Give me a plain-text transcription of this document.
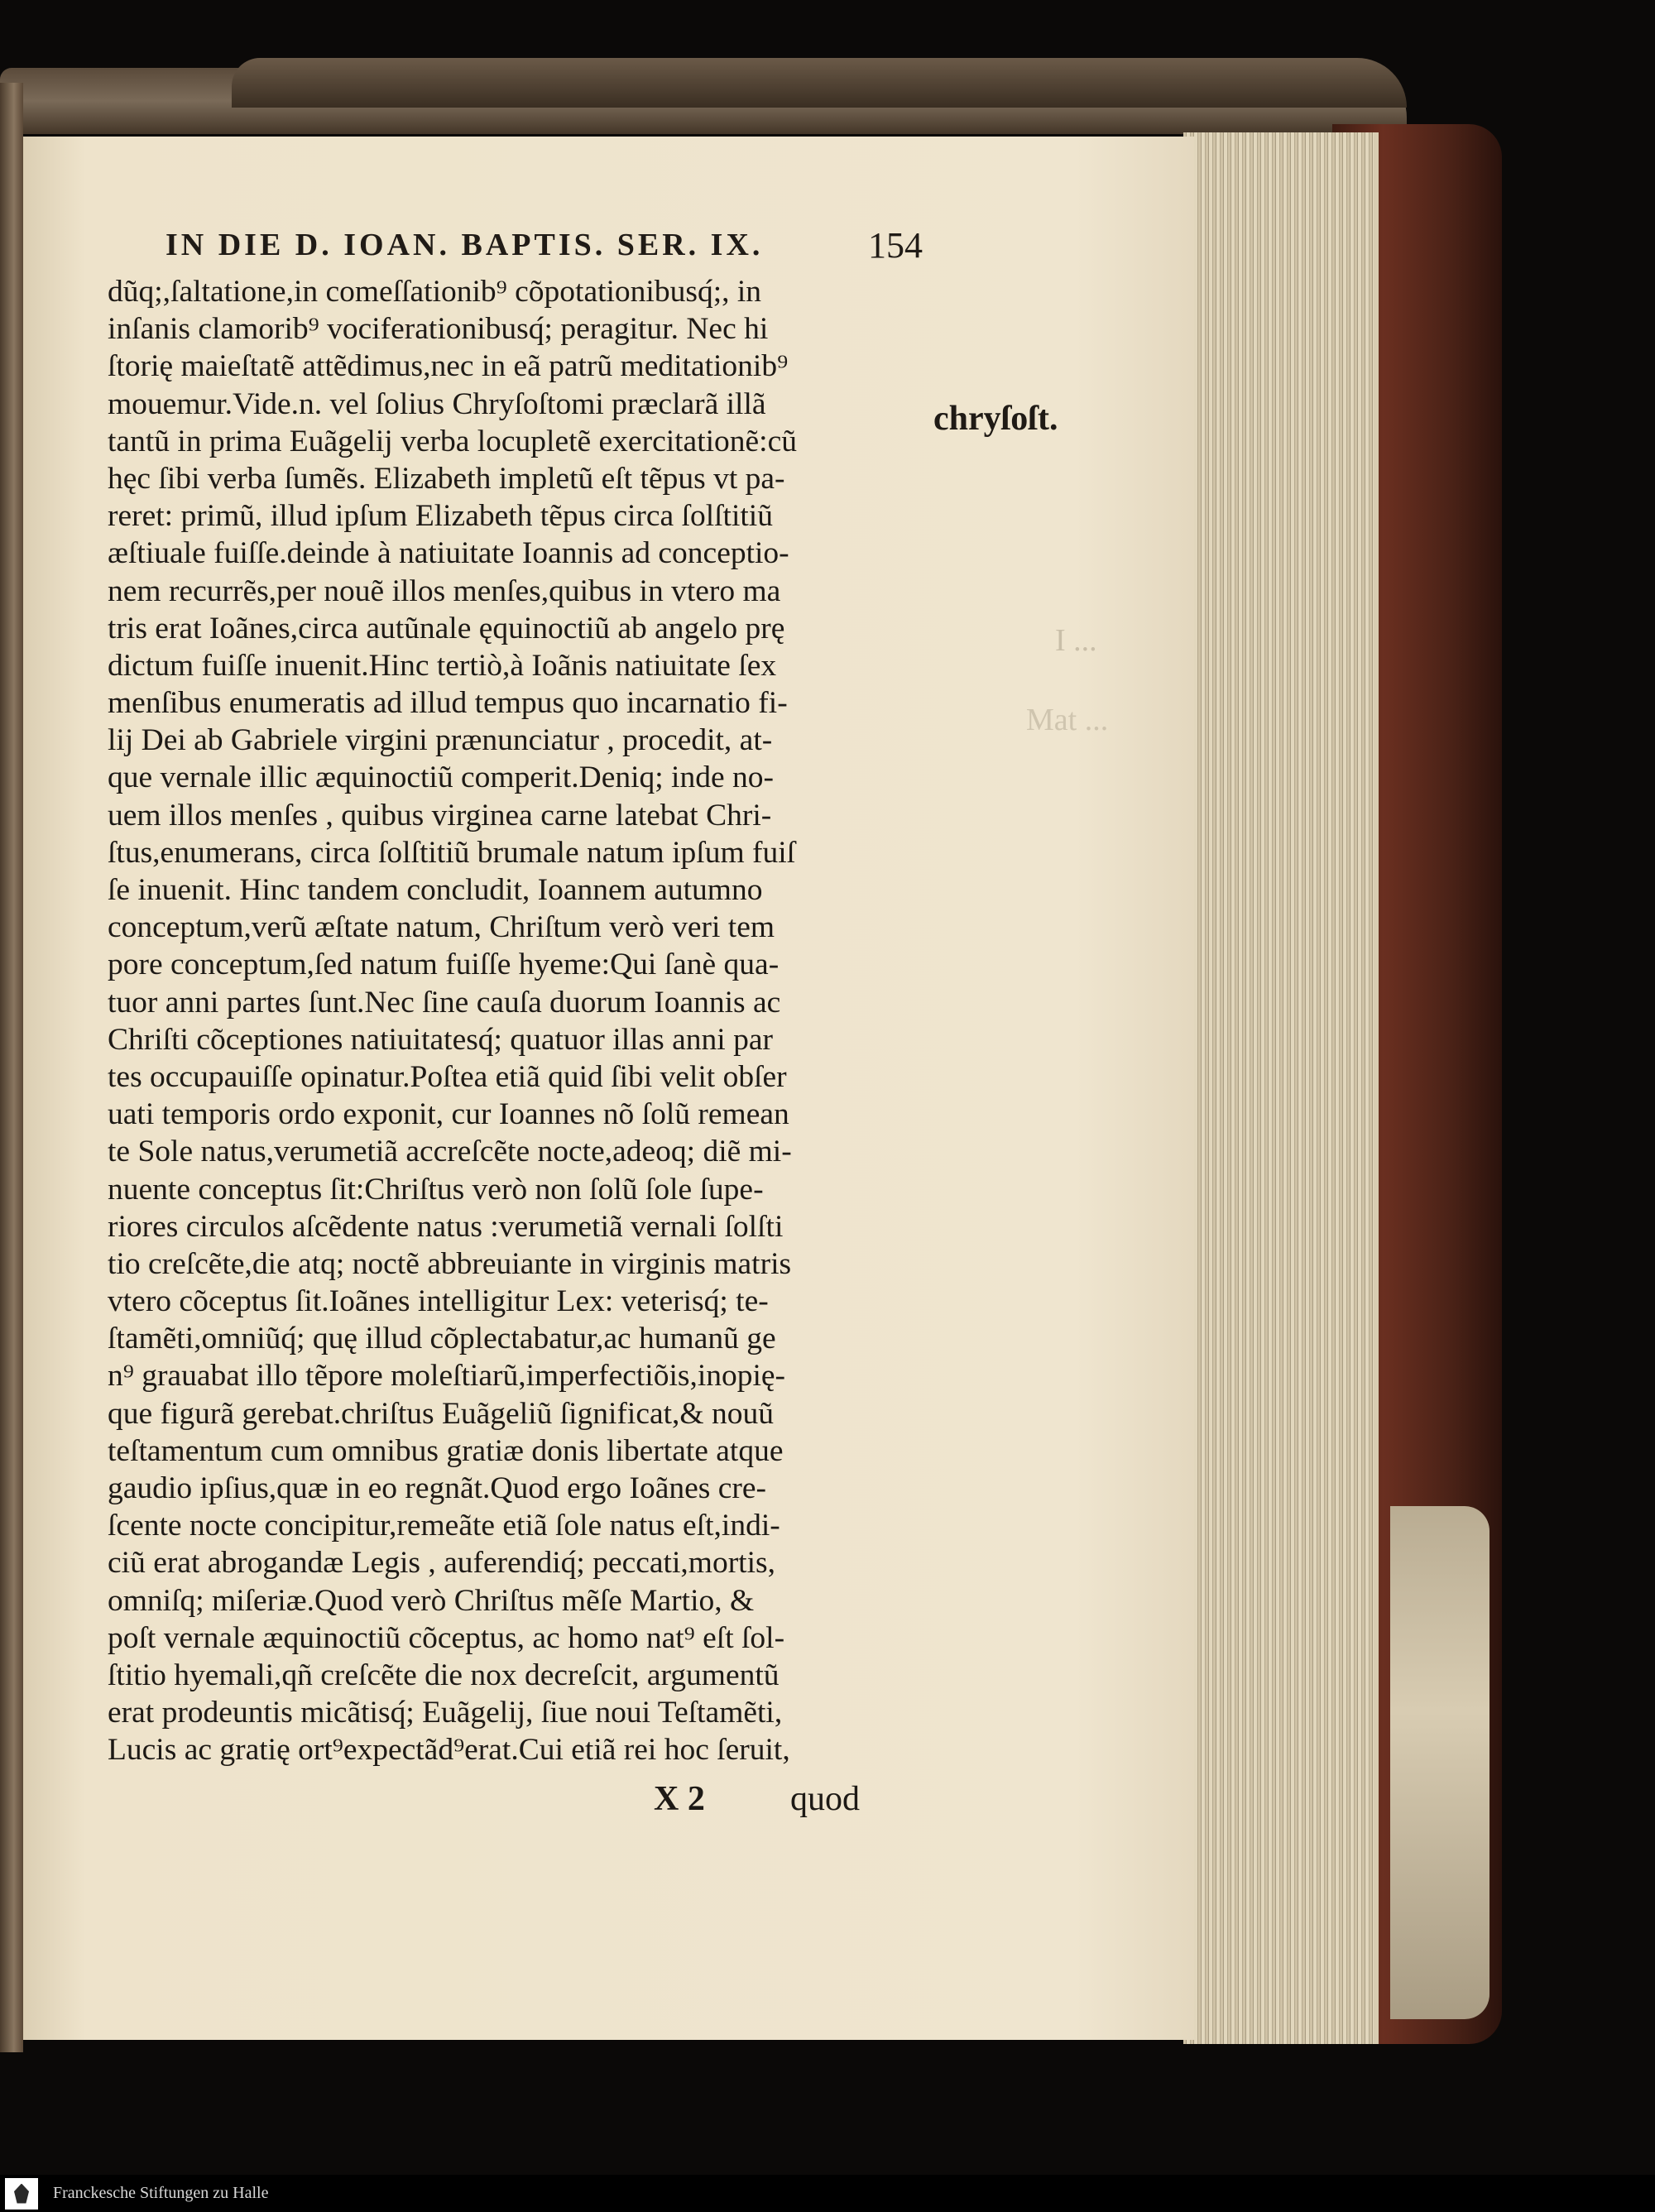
IN DIE D. IOAN. BAPTIS. SER. IX.	154
dũq;,ſaltatione,in comeſſationib⁹ cõpotationibusq́;, in
inſanis clamorib⁹ vociferationibusq́; peragitur. Nec hi
ſtorię maieſtatẽ attẽdimus,nec in eã patrũ meditationib⁹
mouemur.Vide.n. vel ſolius Chryſoſtomi præclarã illã
tantũ in prima Euãgelij verba locupletẽ exercitationẽ:cũ
hęc ſibi verba ſumẽs. Elizabeth impletũ eſt tẽpus vt pa-
reret: primũ, illud ipſum Elizabeth tẽpus circa ſolſtitiũ
æſtiuale fuiſſe.deinde à natiuitate Ioannis ad conceptio-
nem recurrẽs,per nouẽ illos menſes,quibus in vtero ma
tris erat Ioãnes,circa autũnale ęquinoctiũ ab angelo prę
dictum fuiſſe inuenit.Hinc tertiò,à Ioãnis natiuitate ſex
menſibus enumeratis ad illud tempus quo incarnatio fi-
lij Dei ab Gabriele virgini prænunciatur , procedit, at-
que vernale illic æquinoctiũ comperit.Deniq; inde no-
uem illos menſes , quibus virginea carne latebat Chri-
ſtus,enumerans, circa ſolſtitiũ brumale natum ipſum fuiſ
ſe inuenit. Hinc tandem concludit, Ioannem autumno
conceptum,verũ æſtate natum, Chriſtum verò veri tem
pore conceptum,ſed natum fuiſſe hyeme:Qui ſanè qua-
tuor anni partes ſunt.Nec ſine cauſa duorum Ioannis ac
Chriſti cõceptiones natiuitatesq́; quatuor illas anni par
tes occupauiſſe opinatur.Poſtea etiã quid ſibi velit obſer
uati temporis ordo exponit, cur Ioannes nõ ſolũ remean
te Sole natus,verumetiã accreſcẽte nocte,adeoq; diẽ mi-
nuente conceptus ſit:Chriſtus verò non ſolũ ſole ſupe-
riores circulos aſcẽdente natus :verumetiã vernali ſolſti
tio creſcẽte,die atq; noctẽ abbreuiante in virginis matris
vtero cõceptus ſit.Ioãnes intelligitur Lex: veterisq́; te-
ſtamẽti,omniũq́; quę illud cõplectabatur,ac humanũ ge
n⁹ grauabat illo tẽpore moleſtiarũ,imperfectiõis,inopię-
que figurã gerebat.chriſtus Euãgeliũ ſignificat,& nouũ
teſtamentum cum omnibus gratiæ donis libertate atque
gaudio ipſius,quæ in eo regnãt.Quod ergo Ioãnes cre-
ſcente nocte concipitur,remeãte etiã ſole natus eſt,indi-
ciũ erat abrogandæ Legis , auferendiq́; peccati,mortis,
omniſq; miſeriæ.Quod verò Chriſtus mẽſe Martio, &
poſt vernale æquinoctiũ cõceptus, ac homo nat⁹ eſt ſol-
ſtitio hyemali,qñ creſcẽte die nox decreſcit, argumentũ
erat prodeuntis micãtisq́; Euãgelij, ſiue noui Teſtamẽti,
Lucis ac gratię ort⁹expectãd⁹erat.Cui etiã rei hoc ſeruit,
chryſoſt.
I ...
Mat ...
X 2 quod
Franckesche Stiftungen zu Halle
